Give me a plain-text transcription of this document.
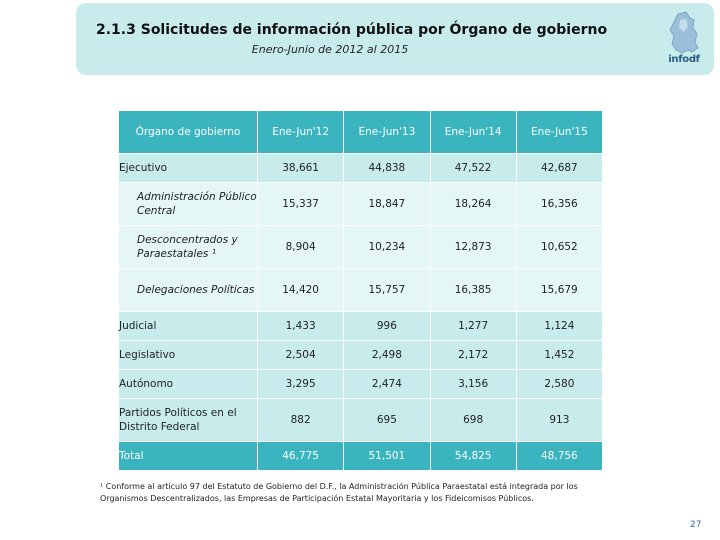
2.1.3 Solicitudes de información pública por Órgano de gobierno
Enero-Junio de 2012 al 2015
infodf
Órgano de gobierno	Ene-Jun'12	Ene-Jun'13	Ene-Jun'14	Ene-Jun'15
Ejecutivo	38,661	44,838	47,522	42,687
Administración Público Central	15,337	18,847	18,264	16,356
Desconcentrados y Paraestatales ¹	8,904	10,234	12,873	10,652
Delegaciones Políticas	14,420	15,757	16,385	15,679
Judicial	1,433	996	1,277	1,124
Legislativo	2,504	2,498	2,172	1,452
Autónomo	3,295	2,474	3,156	2,580
Partidos Políticos en el Distrito Federal	882	695	698	913
Total	46,775	51,501	54,825	48,756
¹ Conforme al artículo 97 del Estatuto de Gobierno del D.F., la Administración Pública Paraestatal está integrada por los Organismos Descentralizados, las Empresas de Participación Estatal Mayoritaria y los Fideicomisos Públicos.
27
